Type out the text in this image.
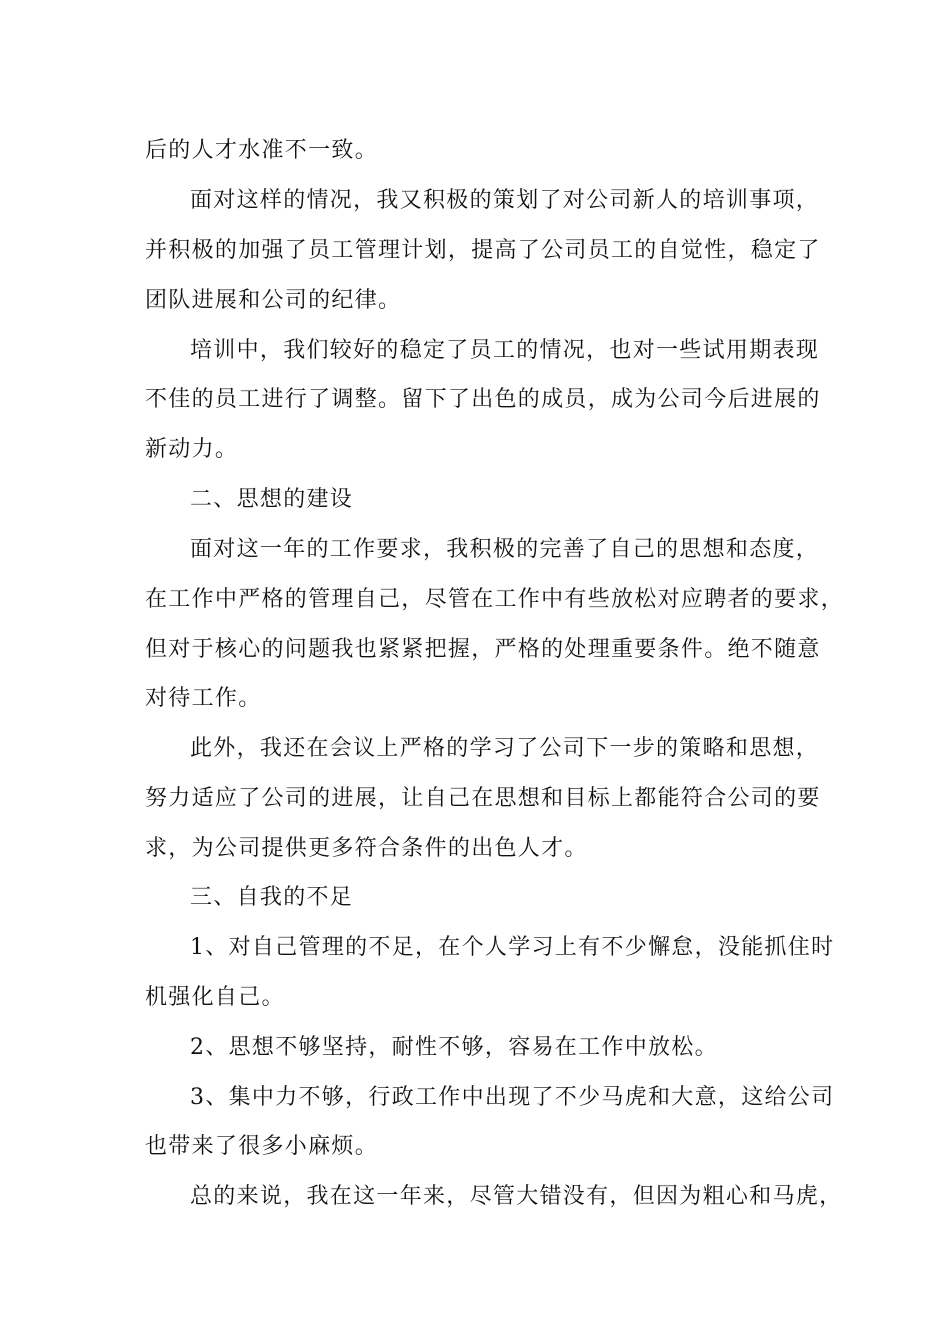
后的人才水准不一致。
面对这样的情况，我又积极的策划了对公司新人的培训事项，
并积极的加强了员工管理计划，提高了公司员工的自觉性，稳定了
团队进展和公司的纪律。
培训中，我们较好的稳定了员工的情况，也对一些试用期表现
不佳的员工进行了调整。留下了出色的成员，成为公司今后进展的
新动力。
二、思想的建设
面对这一年的工作要求，我积极的完善了自己的思想和态度，
在工作中严格的管理自己，尽管在工作中有些放松对应聘者的要求，
但对于核心的问题我也紧紧把握，严格的处理重要条件。绝不随意
对待工作。
此外，我还在会议上严格的学习了公司下一步的策略和思想，
努力适应了公司的进展，让自己在思想和目标上都能符合公司的要
求，为公司提供更多符合条件的出色人才。
三、自我的不足
1、对自己管理的不足，在个人学习上有不少懈怠，没能抓住时
机强化自己。
2、思想不够坚持，耐性不够，容易在工作中放松。
3、集中力不够，行政工作中出现了不少马虎和大意，这给公司
也带来了很多小麻烦。
总的来说，我在这一年来，尽管大错没有，但因为粗心和马虎，
